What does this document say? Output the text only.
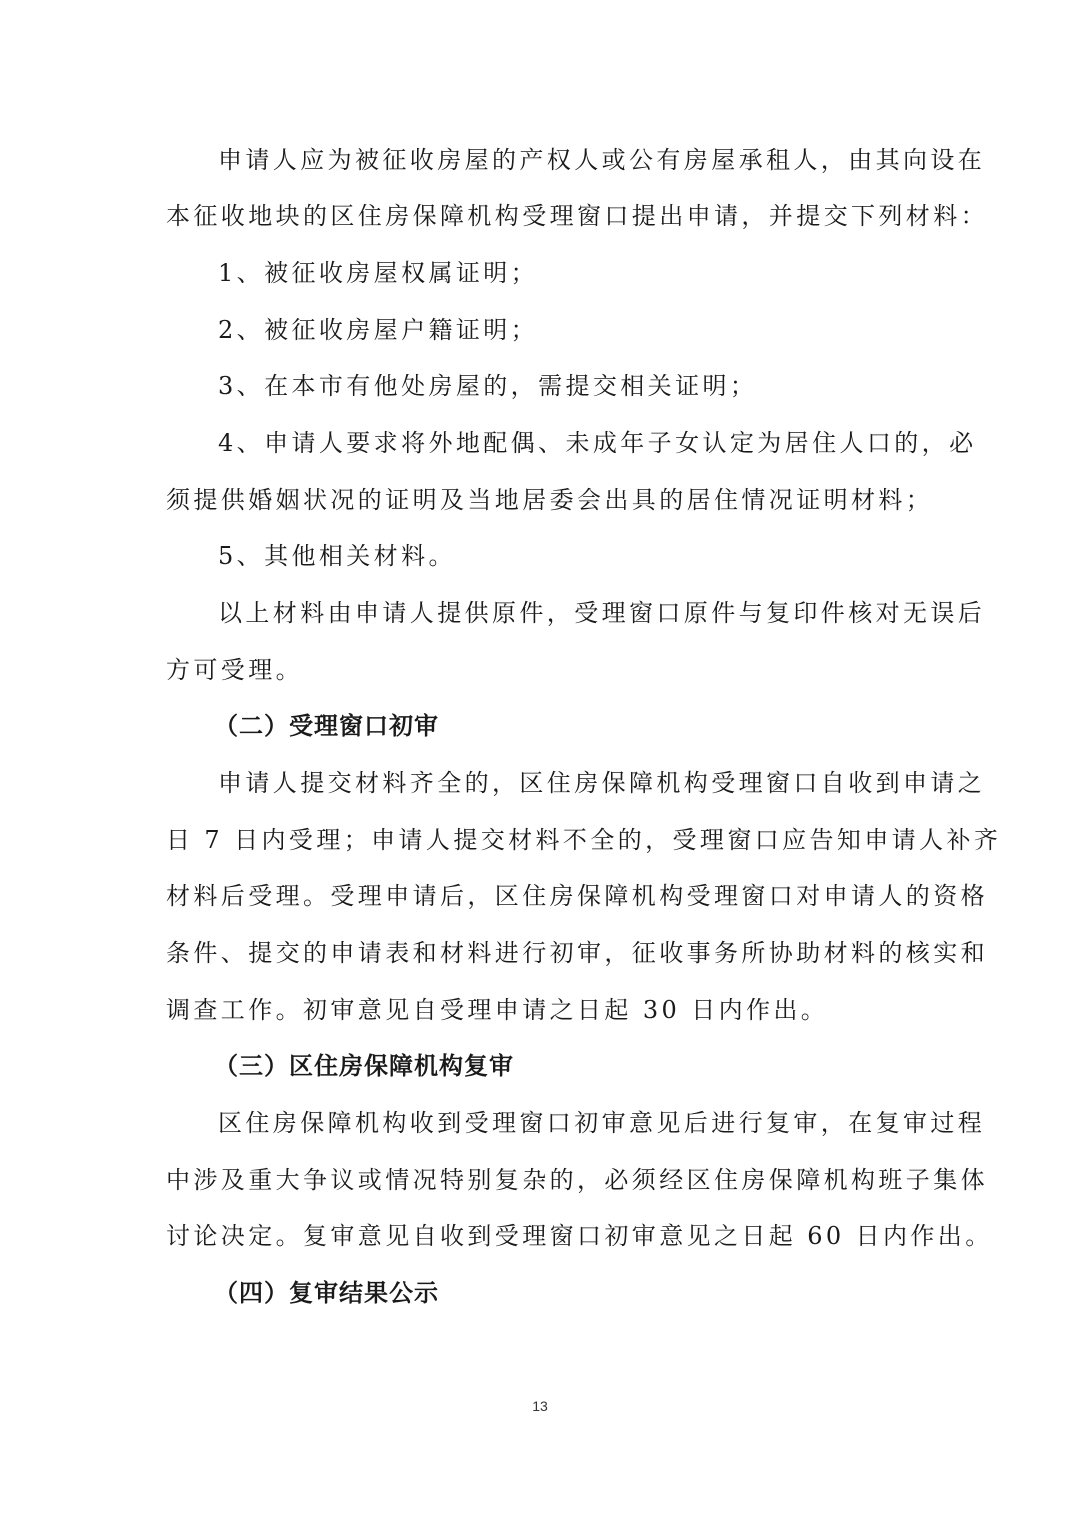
申请人应为被征收房屋的产权人或公有房屋承租人，由其向设在
本征收地块的区住房保障机构受理窗口提出申请，并提交下列材料：
1、被征收房屋权属证明；
2、被征收房屋户籍证明；
3、在本市有他处房屋的，需提交相关证明；
4、申请人要求将外地配偶、未成年子女认定为居住人口的，必
须提供婚姻状况的证明及当地居委会出具的居住情况证明材料；
5、其他相关材料。
以上材料由申请人提供原件，受理窗口原件与复印件核对无误后
方可受理。
（二）受理窗口初审
申请人提交材料齐全的，区住房保障机构受理窗口自收到申请之
日 7 日内受理；申请人提交材料不全的，受理窗口应告知申请人补齐
材料后受理。受理申请后，区住房保障机构受理窗口对申请人的资格
条件、提交的申请表和材料进行初审，征收事务所协助材料的核实和
调查工作。初审意见自受理申请之日起 30 日内作出。
（三）区住房保障机构复审
区住房保障机构收到受理窗口初审意见后进行复审，在复审过程
中涉及重大争议或情况特别复杂的，必须经区住房保障机构班子集体
讨论决定。复审意见自收到受理窗口初审意见之日起 60 日内作出。
（四）复审结果公示
13
